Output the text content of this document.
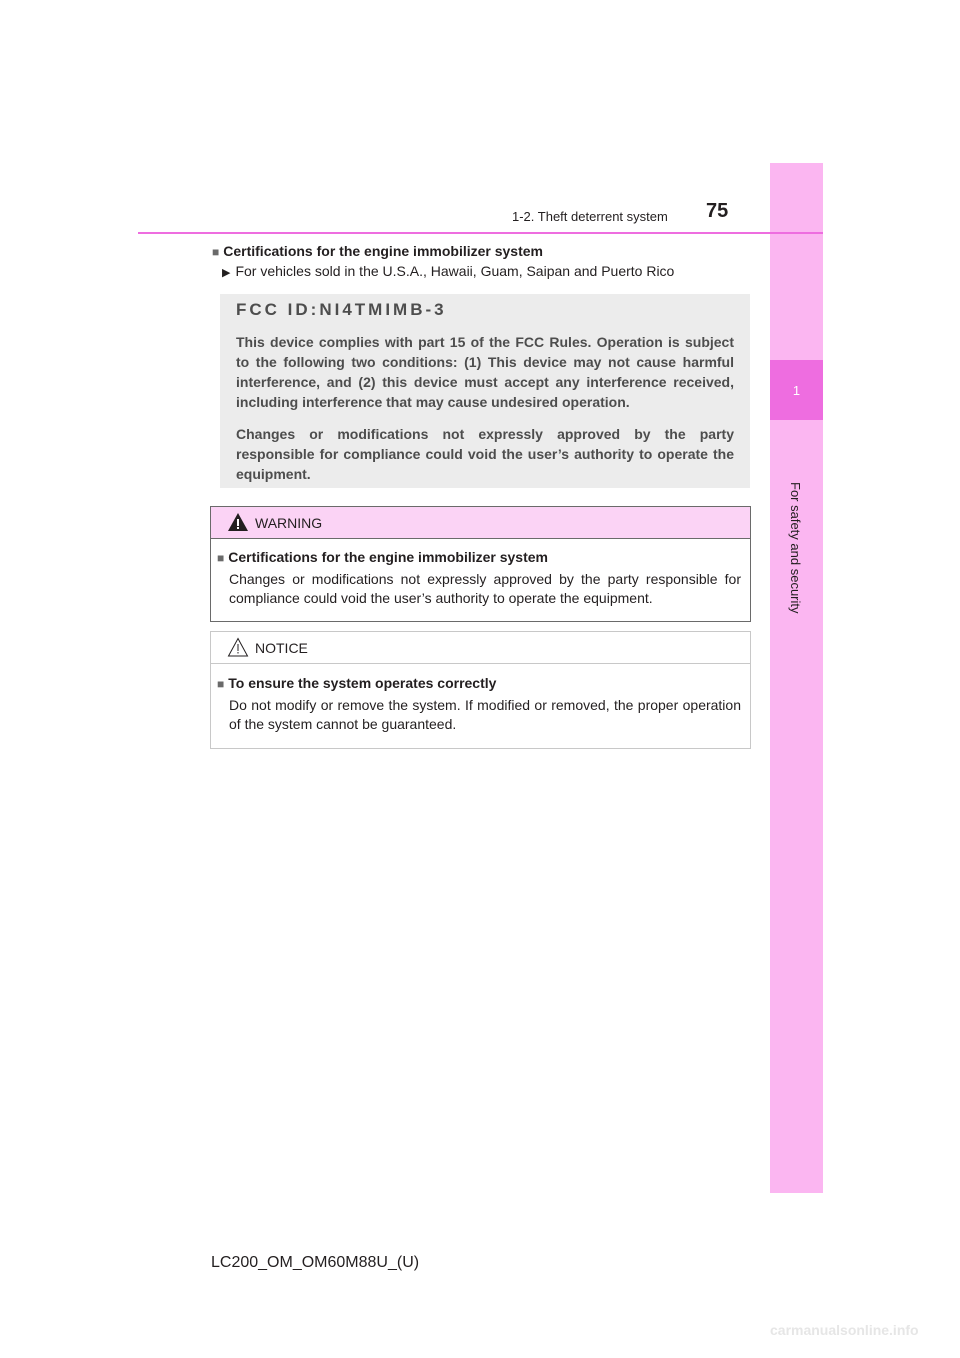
1
For safety and security
1-2. Theft deterrent system 75
■ Certifications for the engine immobilizer system
▶ For vehicles sold in the U.S.A., Hawaii, Guam, Saipan and Puerto Rico
FCC ID:NI4TMIMB-3
This device complies with part 15 of the FCC Rules. Operation is subject to the following two conditions: (1) This device may not cause harmful interference, and (2) this device must accept any interference received, including interference that may cause undesired operation.
Changes or modifications not expressly approved by the party responsible for compliance could void the user’s authority to operate the equipment.
WARNING
■ Certifications for the engine immobilizer system
Changes or modifications not expressly approved by the party responsible for compliance could void the user’s authority to operate the equipment.
NOTICE
■ To ensure the system operates correctly
Do not modify or remove the system. If modified or removed, the proper operation of the system cannot be guaranteed.
LC200_OM_OM60M88U_(U)
carmanualsonline.info
